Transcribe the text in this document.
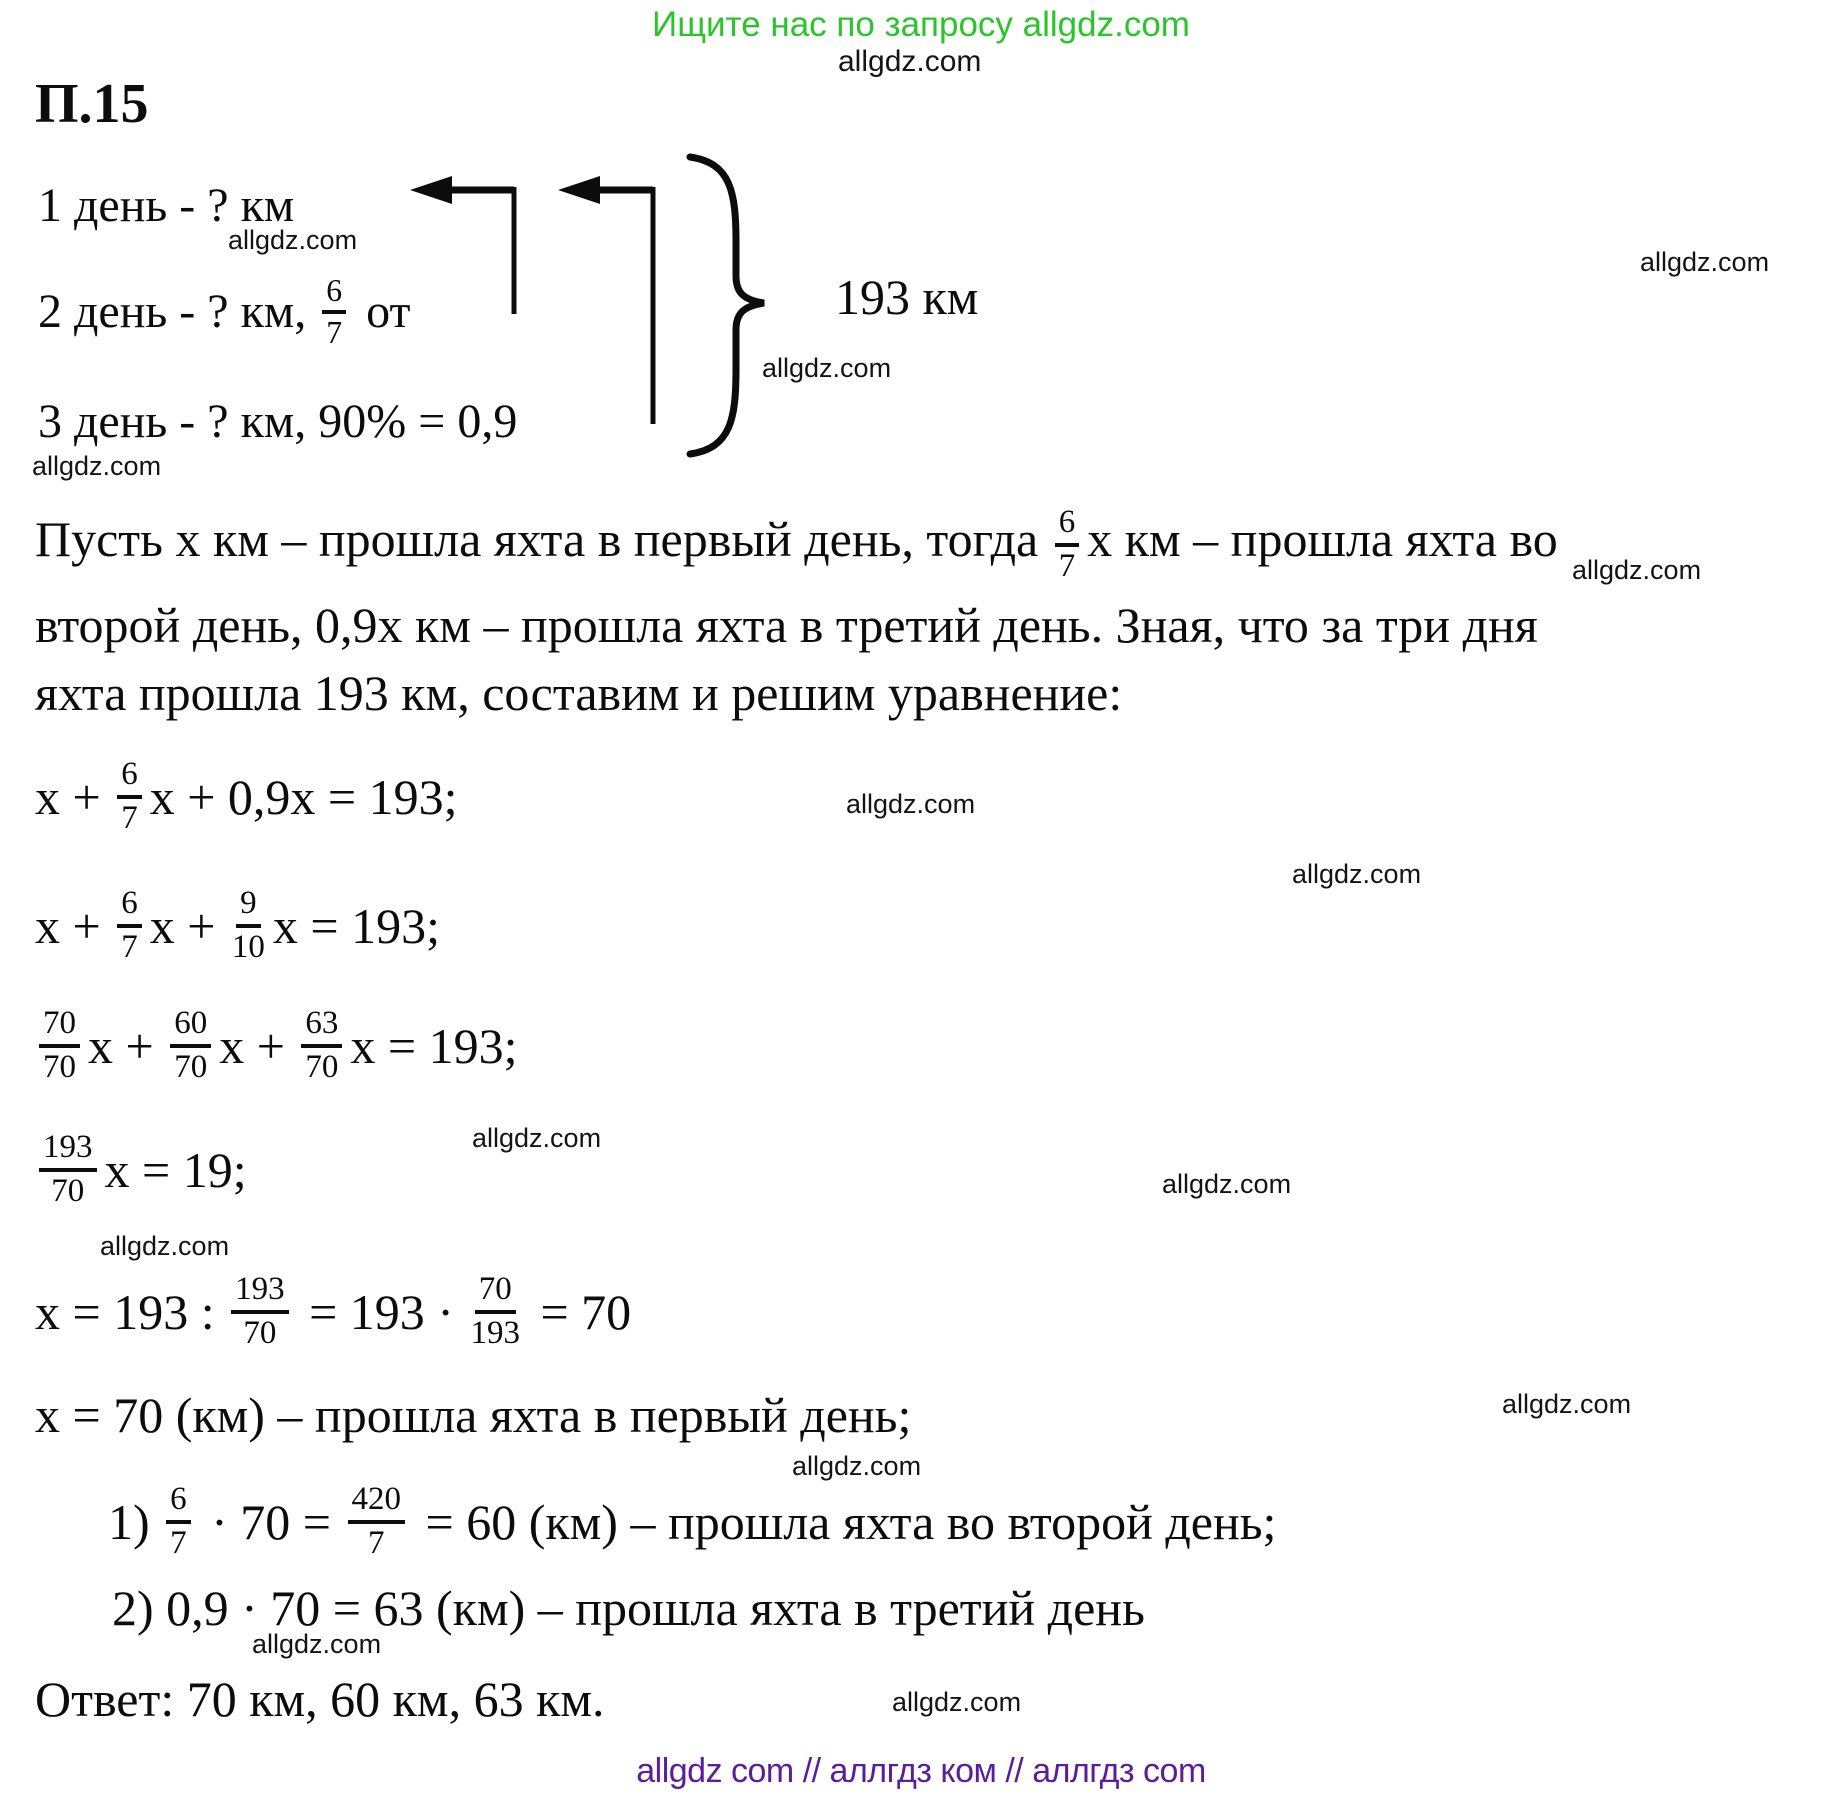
Ищите нас по запросу allgdz.com
allgdz.com
П.15
1 день - ? км
allgdz.com
2 день - ? км, $\frac{6}{7}$ от
3 день - ? км, 90% = 0,9
allgdz.com
193 км
allgdz.com
allgdz.com
Пусть х км – прошла яхта в первый день, тогда $\frac{6}{7}$ х км – прошла яхта во
allgdz.com
второй день, 0,9х км – прошла яхта в третий день. Зная, что за три дня
яхта прошла 193 км, составим и решим уравнение:
$х + \frac{6}{7}$ х + 0,9х = 193;	allgdz.com
allgdz.com
$х + \frac{6}{7}$ $х + \frac{9}{10}$ х = 193;
$\frac{70}{70}$ $х + \frac{60}{70}$ $х + \frac{63}{70}$ х = 193;
allgdz.com
allgdz.com
$\frac{193}{70}$ х = 19;
allgdz.com
х = 193 : $\frac{193}{70} = 193 \cdot \frac{70}{193} = 70$
х = 70 (км) – прошла яхта в первый день;	allgdz.com
allgdz.com
$1) \frac{6}{7} \cdot 70 = \frac{420}{7} = 60$ (км) – прошла яхта во второй день;
2) 0,9 · 70 = 63 (км) – прошла яхта в третий день
allgdz.com
Ответ: 70 км, 60 км, 63 км.	allgdz.com
allgdz com // аллгдз ком // аллгдз com
